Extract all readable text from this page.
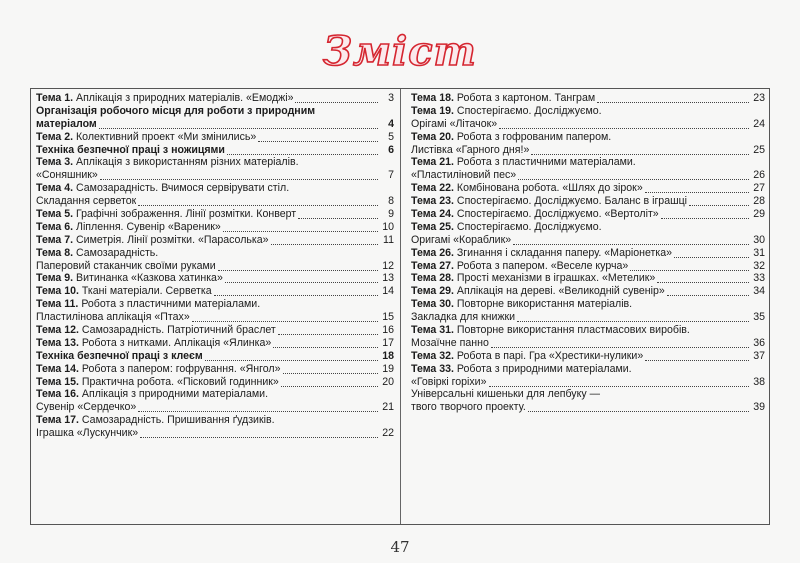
Зміст
Тема 1. Аплікація з природних матеріалів. «Емоджі»	3
Організація робочого місця для роботи з природним
матеріалом	4
Тема 2. Колективний проект «Ми змінились»	5
Техніка безпечної праці з ножицями	6
Тема 3. Аплікація з використанням різних матеріалів.
«Соняшник»	7
Тема 4. Самозарадність. Вчимося сервірувати стіл.
Складання серветок	8
Тема 5. Графічні зображення. Лінії розмітки. Конверт	9
Тема 6. Ліплення. Сувенір «Вареник»	10
Тема 7. Симетрія. Лінії розмітки. «Парасолька»	11
Тема 8. Самозарадність.
Паперовий стаканчик своїми руками	12
Тема 9. Витинанка «Казкова хатинка»	13
Тема 10. Ткані матеріали. Серветка	14
Тема 11. Робота з пластичними матеріалами.
Пластилінова аплікація «Птах»	15
Тема 12. Самозарадність. Патріотичний браслет	16
Тема 13. Робота з нитками. Аплікація «Ялинка»	17
Техніка безпечної праці з клеєм	18
Тема 14. Робота з папером: гофрування. «Янгол»	19
Тема 15. Практична робота. «Пісковий годинник»	20
Тема 16. Аплікація з природними матеріалами.
Сувенір «Сердечко»	21
Тема 17. Самозарадність. Пришивання ґудзиків.
Іграшка «Лускунчик»	22
Тема 18. Робота з картоном. Танграм	23
Тема 19. Спостерігаємо. Досліджуємо.
Орігамі «Літачок»	24
Тема 20. Робота з гофрованим папером.
Листівка «Гарного дня!»	25
Тема 21. Робота з пластичними матеріалами.
«Пластиліновий пес»	26
Тема 22. Комбінована робота. «Шлях до зірок»	27
Тема 23. Спостерігаємо. Досліджуємо. Баланс в іграшці	28
Тема 24. Спостерігаємо. Досліджуємо. «Вертоліт»	29
Тема 25. Спостерігаємо. Досліджуємо.
Оригамі «Кораблик»	30
Тема 26. Згинання і складання паперу. «Маріонетка»	31
Тема 27. Робота з папером. «Веселе курча»	32
Тема 28. Прості механізми в іграшках. «Метелик»	33
Тема 29. Аплікація на дереві. «Великодній сувенір»	34
Тема 30. Повторне використання матеріалів.
Закладка для книжки	35
Тема 31. Повторне використання пластмасових виробів.
Мозаїчне панно	36
Тема 32. Робота в парі. Гра «Хрестики-нулики»	37
Тема 33. Робота з природними матеріалами.
«Говіркі горіхи»	38
Універсальні кишеньки для лепбуку —
твого творчого проекту.	39
47
